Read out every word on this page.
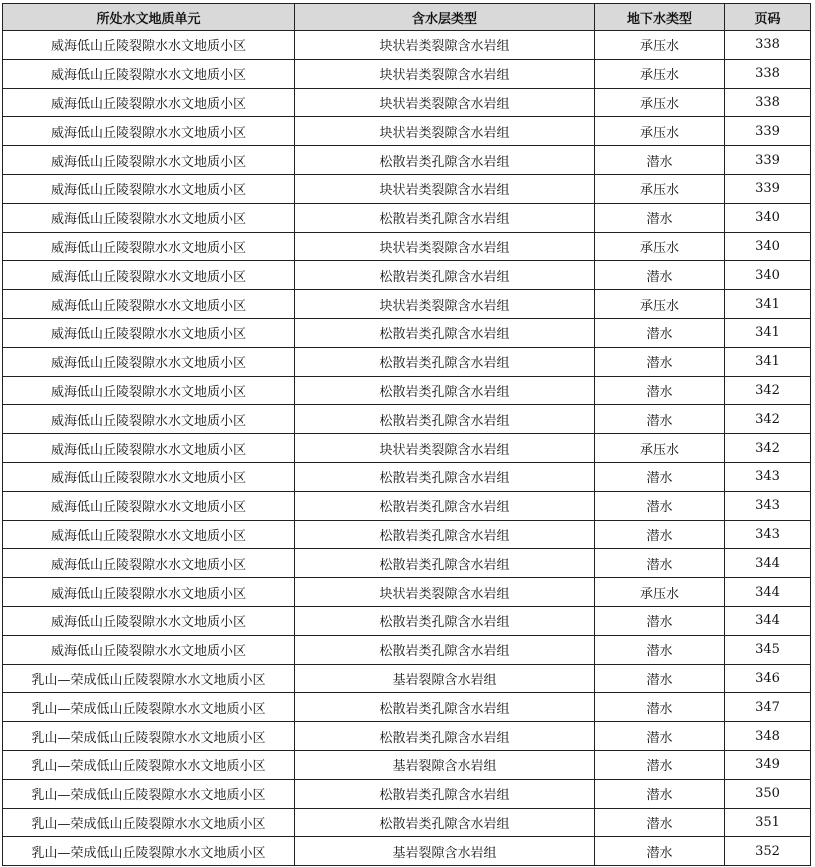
所处水文地质单元	含水层类型	地下水类型	页码
威海低山丘陵裂隙水水文地质小区	块状岩类裂隙含水岩组	承压水	338
威海低山丘陵裂隙水水文地质小区	块状岩类裂隙含水岩组	承压水	338
威海低山丘陵裂隙水水文地质小区	块状岩类裂隙含水岩组	承压水	338
威海低山丘陵裂隙水水文地质小区	块状岩类裂隙含水岩组	承压水	339
威海低山丘陵裂隙水水文地质小区	松散岩类孔隙含水岩组	潜水	339
威海低山丘陵裂隙水水文地质小区	块状岩类裂隙含水岩组	承压水	339
威海低山丘陵裂隙水水文地质小区	松散岩类孔隙含水岩组	潜水	340
威海低山丘陵裂隙水水文地质小区	块状岩类裂隙含水岩组	承压水	340
威海低山丘陵裂隙水水文地质小区	松散岩类孔隙含水岩组	潜水	340
威海低山丘陵裂隙水水文地质小区	块状岩类裂隙含水岩组	承压水	341
威海低山丘陵裂隙水水文地质小区	松散岩类孔隙含水岩组	潜水	341
威海低山丘陵裂隙水水文地质小区	松散岩类孔隙含水岩组	潜水	341
威海低山丘陵裂隙水水文地质小区	松散岩类孔隙含水岩组	潜水	342
威海低山丘陵裂隙水水文地质小区	松散岩类孔隙含水岩组	潜水	342
威海低山丘陵裂隙水水文地质小区	块状岩类裂隙含水岩组	承压水	342
威海低山丘陵裂隙水水文地质小区	松散岩类孔隙含水岩组	潜水	343
威海低山丘陵裂隙水水文地质小区	松散岩类孔隙含水岩组	潜水	343
威海低山丘陵裂隙水水文地质小区	松散岩类孔隙含水岩组	潜水	343
威海低山丘陵裂隙水水文地质小区	松散岩类孔隙含水岩组	潜水	344
威海低山丘陵裂隙水水文地质小区	块状岩类裂隙含水岩组	承压水	344
威海低山丘陵裂隙水水文地质小区	松散岩类孔隙含水岩组	潜水	344
威海低山丘陵裂隙水水文地质小区	松散岩类孔隙含水岩组	潜水	345
乳山—荣成低山丘陵裂隙水水文地质小区	基岩裂隙含水岩组	潜水	346
乳山—荣成低山丘陵裂隙水水文地质小区	松散岩类孔隙含水岩组	潜水	347
乳山—荣成低山丘陵裂隙水水文地质小区	松散岩类孔隙含水岩组	潜水	348
乳山—荣成低山丘陵裂隙水水文地质小区	基岩裂隙含水岩组	潜水	349
乳山—荣成低山丘陵裂隙水水文地质小区	松散岩类孔隙含水岩组	潜水	350
乳山—荣成低山丘陵裂隙水水文地质小区	松散岩类孔隙含水岩组	潜水	351
乳山—荣成低山丘陵裂隙水水文地质小区	基岩裂隙含水岩组	潜水	352
